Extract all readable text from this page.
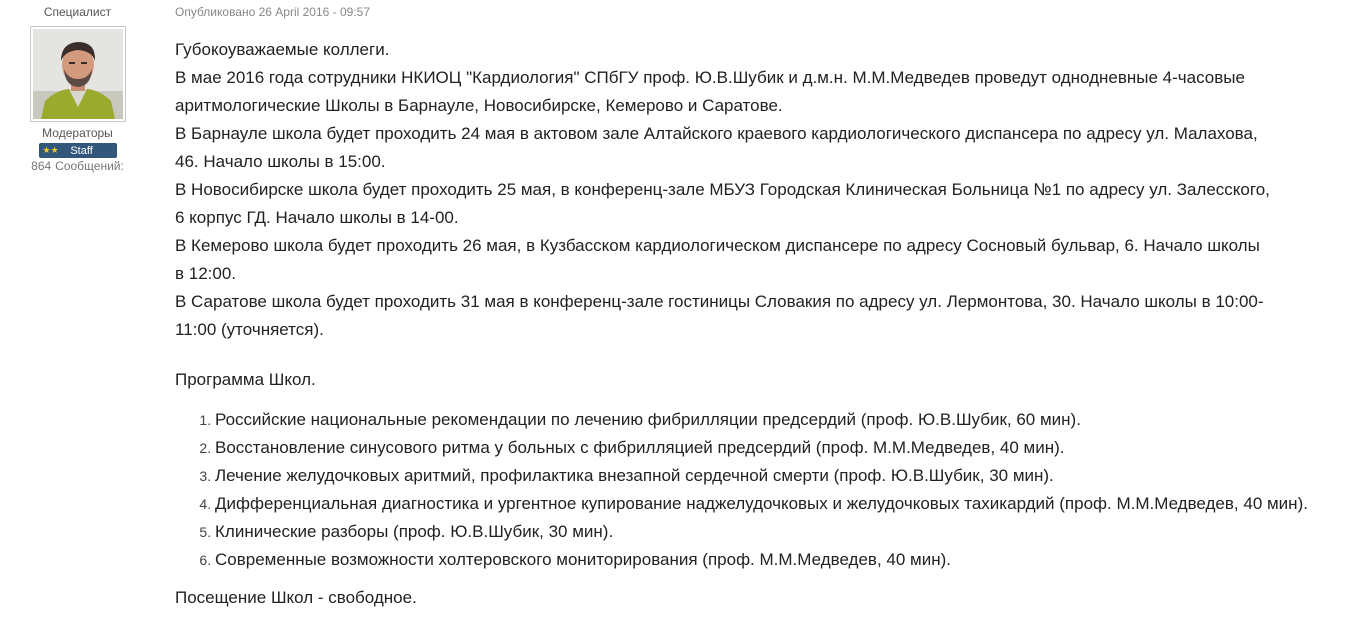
Специалист
Модераторы
★★ Staff
864 Сообщений:
Опубликовано 26 April 2016 - 09:57
Губокоуважаемые коллеги.
В мае 2016 года сотрудники НКИОЦ "Кардиология" СПбГУ проф. Ю.В.Шубик и д.м.н. М.М.Медведев проведут однодневные 4-часовые
аритмологические Школы в Барнауле, Новосибирске, Кемерово и Саратове.
В Барнауле школа будет проходить 24 мая в актовом зале Алтайского краевого кардиологического диспансера по адресу ул. Малахова,
46. Начало школы в 15:00.
В Новосибирске школа будет проходить 25 мая, в конференц-зале МБУЗ Городская Клиническая Больница №1 по адресу ул. Залесского,
6 корпус ГД. Начало школы в 14-00.
В Кемерово школа будет проходить 26 мая, в Кузбасском кардиологическом диспансере по адресу Сосновый бульвар, 6. Начало школы
в 12:00.
В Саратове школа будет проходить 31 мая в конференц-зале гостиницы Словакия по адресу ул. Лермонтова, 30. Начало школы в 10:00-
11:00 (уточняется).
Программа Школ.
1. Российские национальные рекомендации по лечению фибрилляции предсердий (проф. Ю.В.Шубик, 60 мин).
2. Восстановление синусового ритма у больных с фибрилляцией предсердий (проф. М.М.Медведев, 40 мин).
3. Лечение желудочковых аритмий, профилактика внезапной сердечной смерти (проф. Ю.В.Шубик, 30 мин).
4. Дифференциальная диагностика и ургентное купирование наджелудочковых и желудочковых тахикардий (проф. М.М.Медведев, 40 мин).
5. Клинические разборы (проф. Ю.В.Шубик, 30 мин).
6. Современные возможности холтеровского мониторирования (проф. М.М.Медведев, 40 мин).
Посещение Школ - свободное.
